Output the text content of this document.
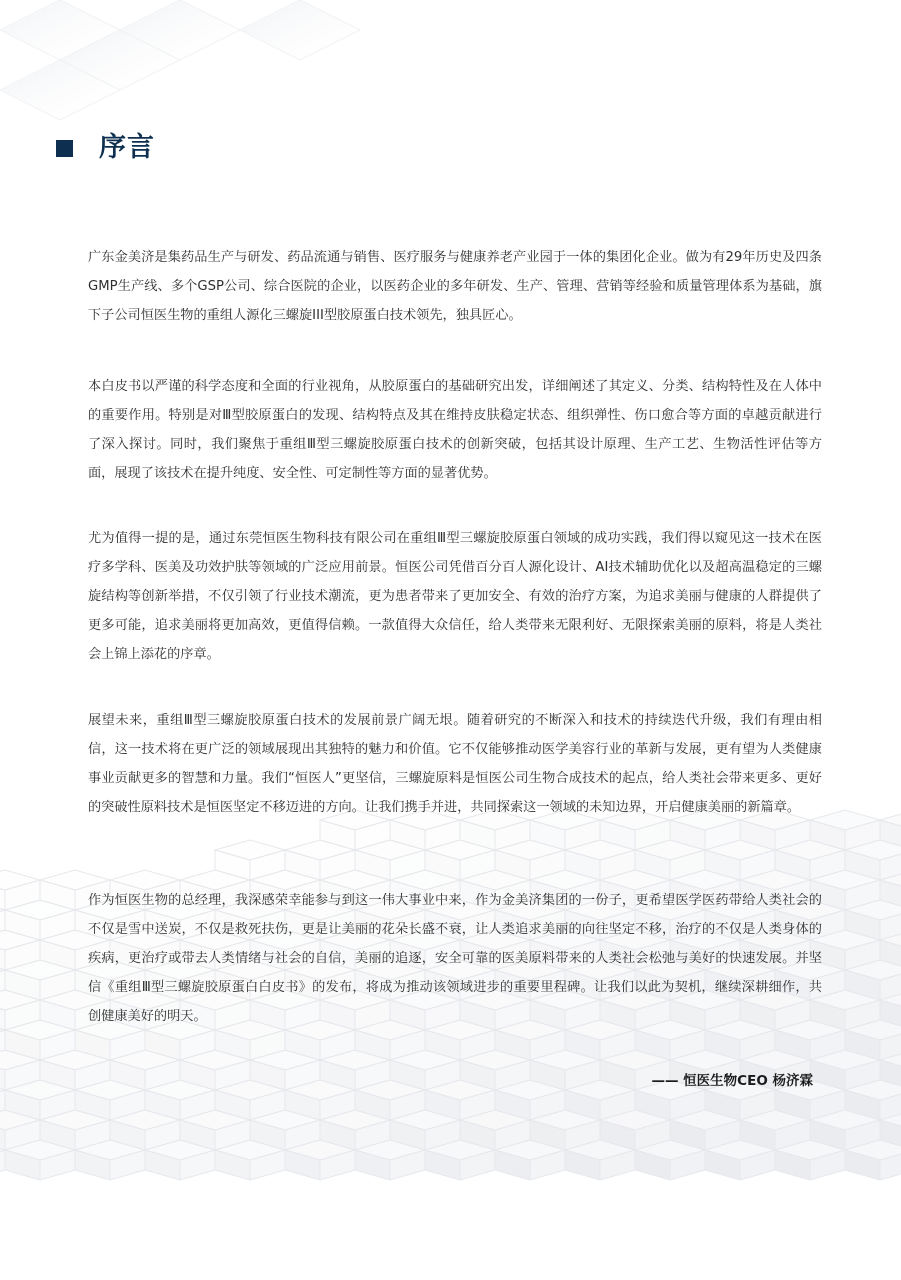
序言

广东金美济是集药品生产与研发、药品流通与销售、医疗服务与健康养老产业园于一体的集团化企业。做为有29年历史及四条GMP生产线、多个GSP公司、综合医院的企业，以医药企业的多年研发、生产、管理、营销等经验和质量管理体系为基础，旗下子公司恒医生物的重组人源化三螺旋III型胶原蛋白技术领先，独具匠心。

本白皮书以严谨的科学态度和全面的行业视角，从胶原蛋白的基础研究出发，详细阐述了其定义、分类、结构特性及在人体中的重要作用。特别是对Ⅲ型胶原蛋白的发现、结构特点及其在维持皮肤稳定状态、组织弹性、伤口愈合等方面的卓越贡献进行了深入探讨。同时，我们聚焦于重组Ⅲ型三螺旋胶原蛋白技术的创新突破，包括其设计原理、生产工艺、生物活性评估等方面，展现了该技术在提升纯度、安全性、可定制性等方面的显著优势。

尤为值得一提的是，通过东莞恒医生物科技有限公司在重组Ⅲ型三螺旋胶原蛋白领域的成功实践，我们得以窥见这一技术在医疗多学科、医美及功效护肤等领域的广泛应用前景。恒医公司凭借百分百人源化设计、AI技术辅助优化以及超高温稳定的三螺旋结构等创新举措，不仅引领了行业技术潮流，更为患者带来了更加安全、有效的治疗方案，为追求美丽与健康的人群提供了更多可能，追求美丽将更加高效，更值得信赖。一款值得大众信任，给人类带来无限利好、无限探索美丽的原料，将是人类社会上锦上添花的序章。

展望未来，重组Ⅲ型三螺旋胶原蛋白技术的发展前景广阔无垠。随着研究的不断深入和技术的持续迭代升级，我们有理由相信，这一技术将在更广泛的领域展现出其独特的魅力和价值。它不仅能够推动医学美容行业的革新与发展，更有望为人类健康事业贡献更多的智慧和力量。我们“恒医人”更坚信，三螺旋原料是恒医公司生物合成技术的起点，给人类社会带来更多、更好的突破性原料技术是恒医坚定不移迈进的方向。让我们携手并进，共同探索这一领域的未知边界，开启健康美丽的新篇章。

作为恒医生物的总经理，我深感荣幸能参与到这一伟大事业中来，作为金美济集团的一份子，更希望医学医药带给人类社会的不仅是雪中送炭，不仅是救死扶伤，更是让美丽的花朵长盛不衰，让人类追求美丽的向往坚定不移，治疗的不仅是人类身体的疾病，更治疗或带去人类情绪与社会的自信，美丽的追逐，安全可靠的医美原料带来的人类社会松弛与美好的快速发展。并坚信《重组Ⅲ型三螺旋胶原蛋白白皮书》的发布，将成为推动该领域进步的重要里程碑。让我们以此为契机，继续深耕细作，共创健康美好的明天。

—— 恒医生物CEO 杨济霖
